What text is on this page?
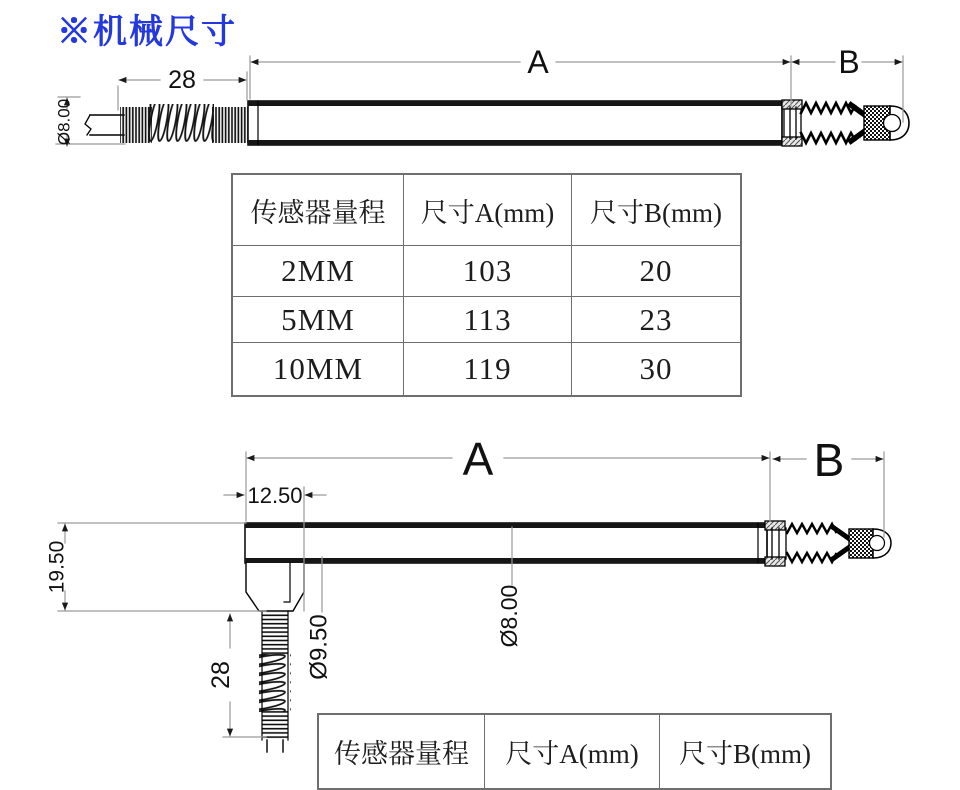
※机械尺寸
Ø8.00
28	A	B
A	B
12.50
19.50
28	Ø9.50	Ø8.00
传感器量程	尺寸A(mm)	尺寸B(mm)
2MM	103	20
5MM	113	23
10MM	119	30
传感器量程	尺寸A(mm)	尺寸B(mm)
